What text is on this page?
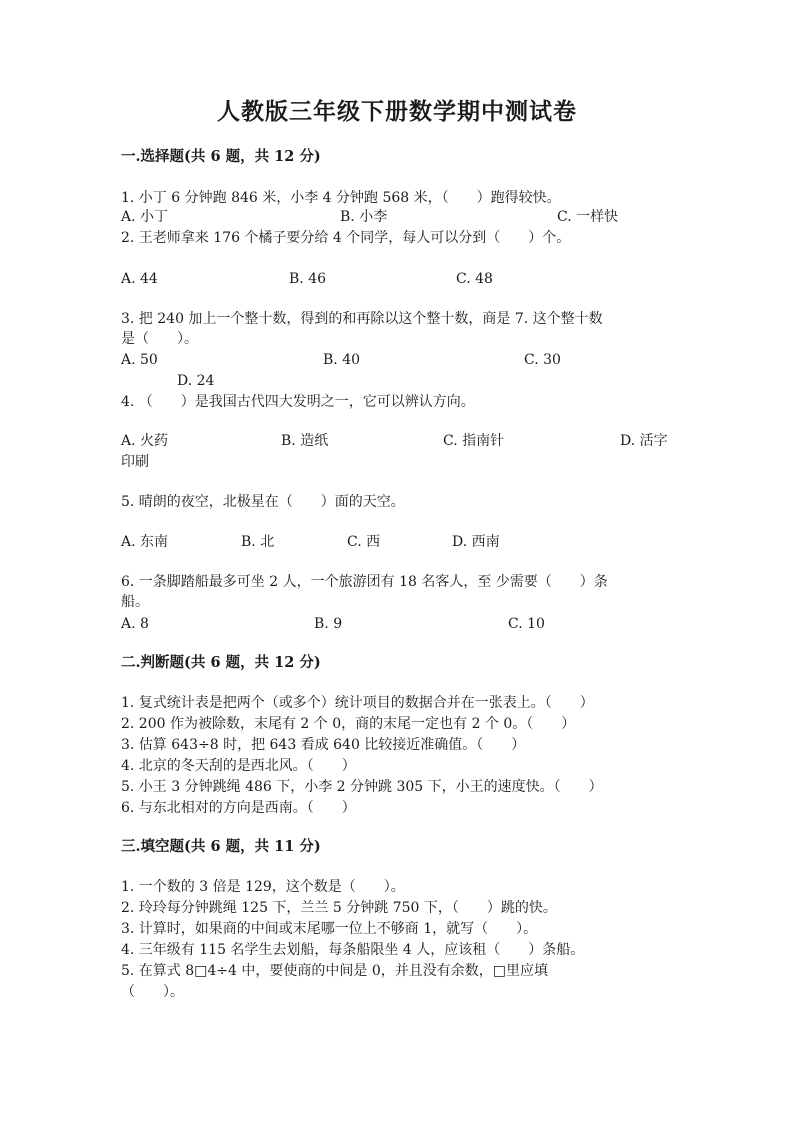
人教版三年级下册数学期中测试卷
一.选择题(共 6 题，共 12 分)
1. 小丁 6 分钟跑 846 米，小李 4 分钟跑 568 米，（　　）跑得较快。
A. 小丁	B. 小李	C. 一样快
2. 王老师拿来 176 个橘子要分给 4 个同学，每人可以分到（　　）个。
A. 44	B. 46	C. 48
3. 把 240 加上一个整十数，得到的和再除以这个整十数，商是 7. 这个整十数
是（　　）。
A. 50	B. 40	C. 30
D. 24
4. （　　）是我国古代四大发明之一，它可以辨认方向。
A. 火药	B. 造纸	C. 指南针	D. 活字
印刷
5. 晴朗的夜空，北极星在（　　）面的天空。
A. 东南	B. 北	C. 西	D. 西南
6. 一条脚踏船最多可坐 2 人，一个旅游团有 18 名客人，至 少需要（　　）条
船。
A. 8	B. 9	C. 10
二.判断题(共 6 题，共 12 分)
1. 复式统计表是把两个（或多个）统计项目的数据合并在一张表上。（　　）
2. 200 作为被除数，末尾有 2 个 0，商的末尾一定也有 2 个 0。（　　）
3. 估算 643÷8 时，把 643 看成 640 比较接近准确值。（　　）
4. 北京的冬天刮的是西北风。（　　）
5. 小王 3 分钟跳绳 486 下，小李 2 分钟跳 305 下，小王的速度快。（　　）
6. 与东北相对的方向是西南。（　　）
三.填空题(共 6 题，共 11 分)
1. 一个数的 3 倍是 129，这个数是（　　）。
2. 玲玲每分钟跳绳 125 下，兰兰 5 分钟跳 750 下，（　　）跳的快。
3. 计算时，如果商的中间或末尾哪一位上不够商 1，就写（　　）。
4. 三年级有 115 名学生去划船，每条船限坐 4 人，应该租（　　）条船。
5. 在算式 8□4÷4 中，要使商的中间是 0，并且没有余数，□里应填
（　　）。
